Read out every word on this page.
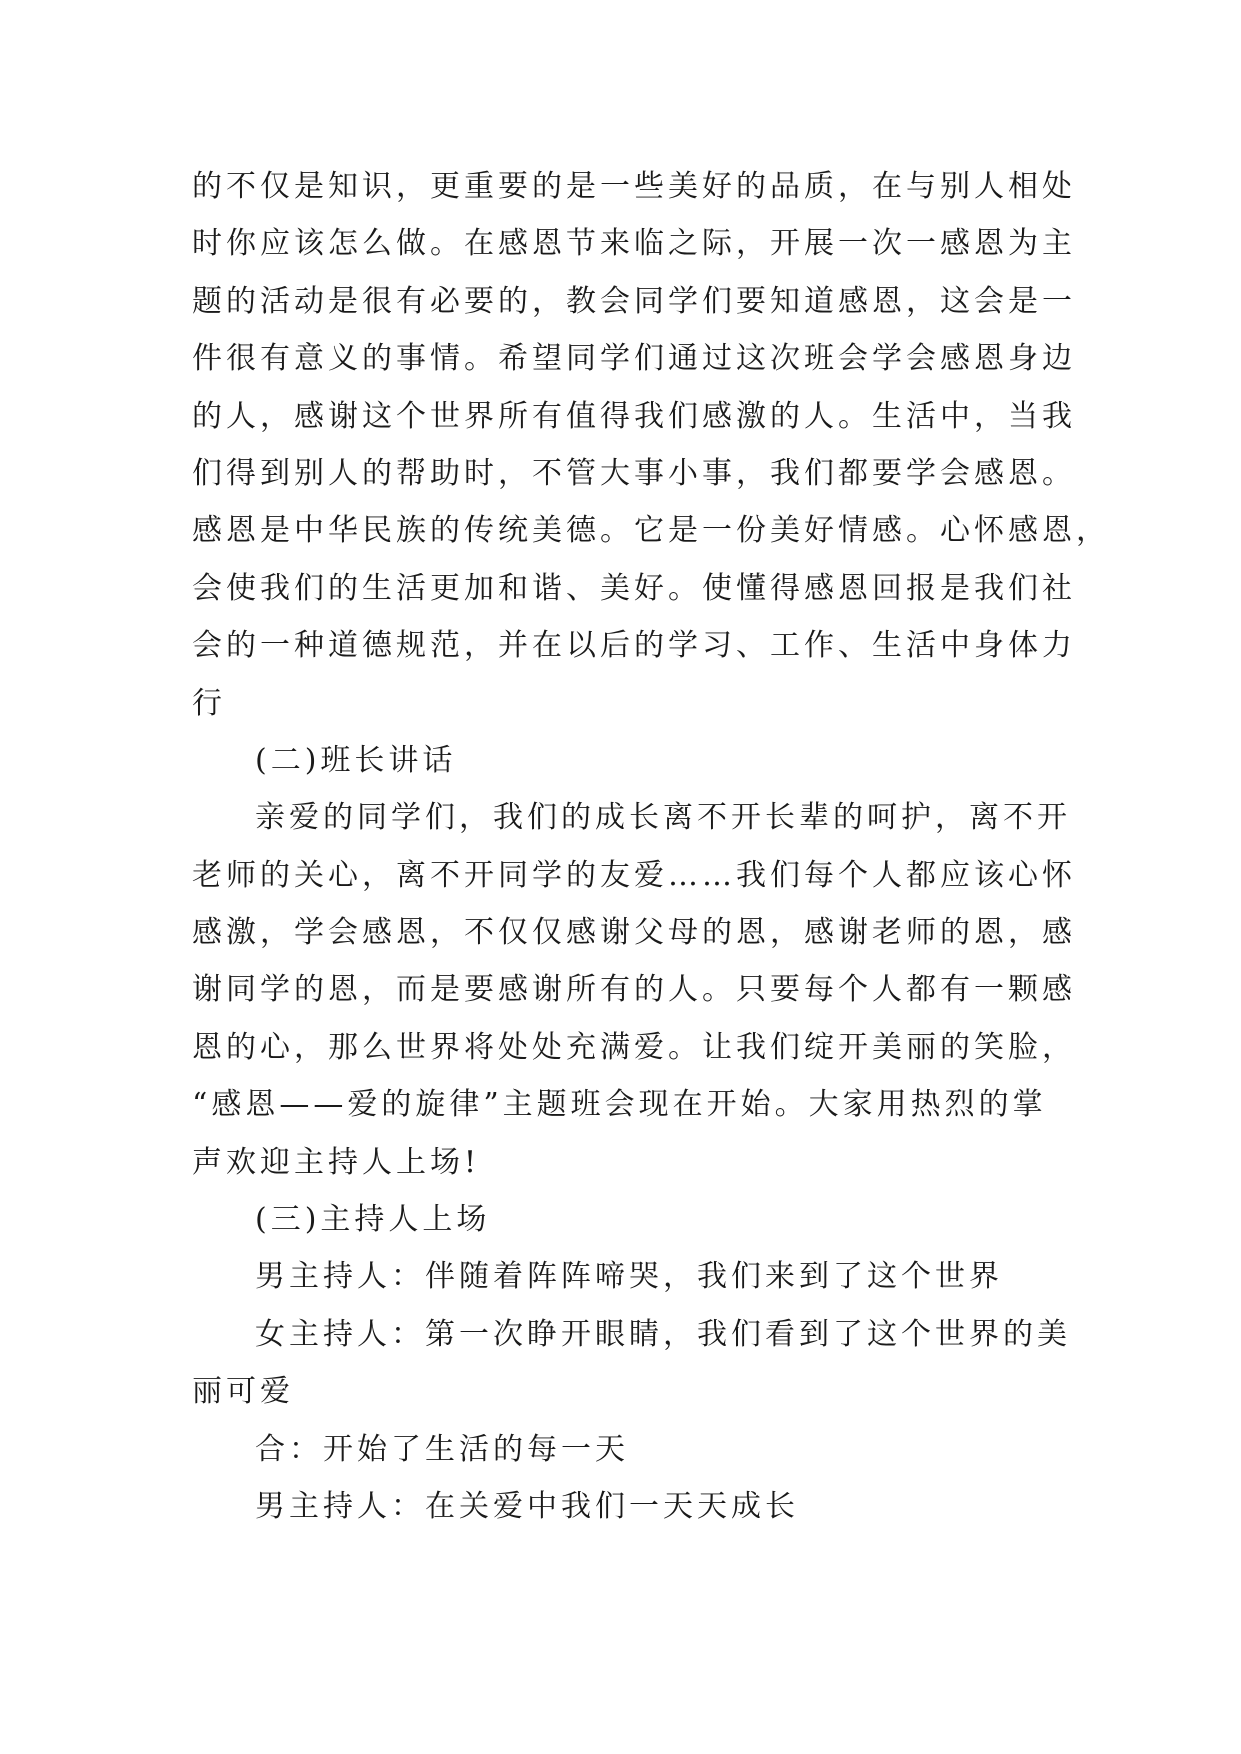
的不仅是知识，更重要的是一些美好的品质，在与别人相处
时你应该怎么做。在感恩节来临之际，开展一次一感恩为主
题的活动是很有必要的，教会同学们要知道感恩，这会是一
件很有意义的事情。希望同学们通过这次班会学会感恩身边
的人，感谢这个世界所有值得我们感激的人。生活中，当我
们得到别人的帮助时，不管大事小事，我们都要学会感恩。
感恩是中华民族的传统美德。它是一份美好情感。心怀感恩，
会使我们的生活更加和谐、美好。使懂得感恩回报是我们社
会的一种道德规范，并在以后的学习、工作、生活中身体力
行
(二)班长讲话
亲爱的同学们，我们的成长离不开长辈的呵护，离不开
老师的关心，离不开同学的友爱……我们每个人都应该心怀
感激，学会感恩，不仅仅感谢父母的恩，感谢老师的恩，感
谢同学的恩，而是要感谢所有的人。只要每个人都有一颗感
恩的心，那么世界将处处充满爱。让我们绽开美丽的笑脸，
“感恩——爱的旋律”主题班会现在开始。大家用热烈的掌
声欢迎主持人上场!
(三)主持人上场
男主持人：伴随着阵阵啼哭，我们来到了这个世界
女主持人：第一次睁开眼睛，我们看到了这个世界的美
丽可爱
合：开始了生活的每一天
男主持人：在关爱中我们一天天成长
